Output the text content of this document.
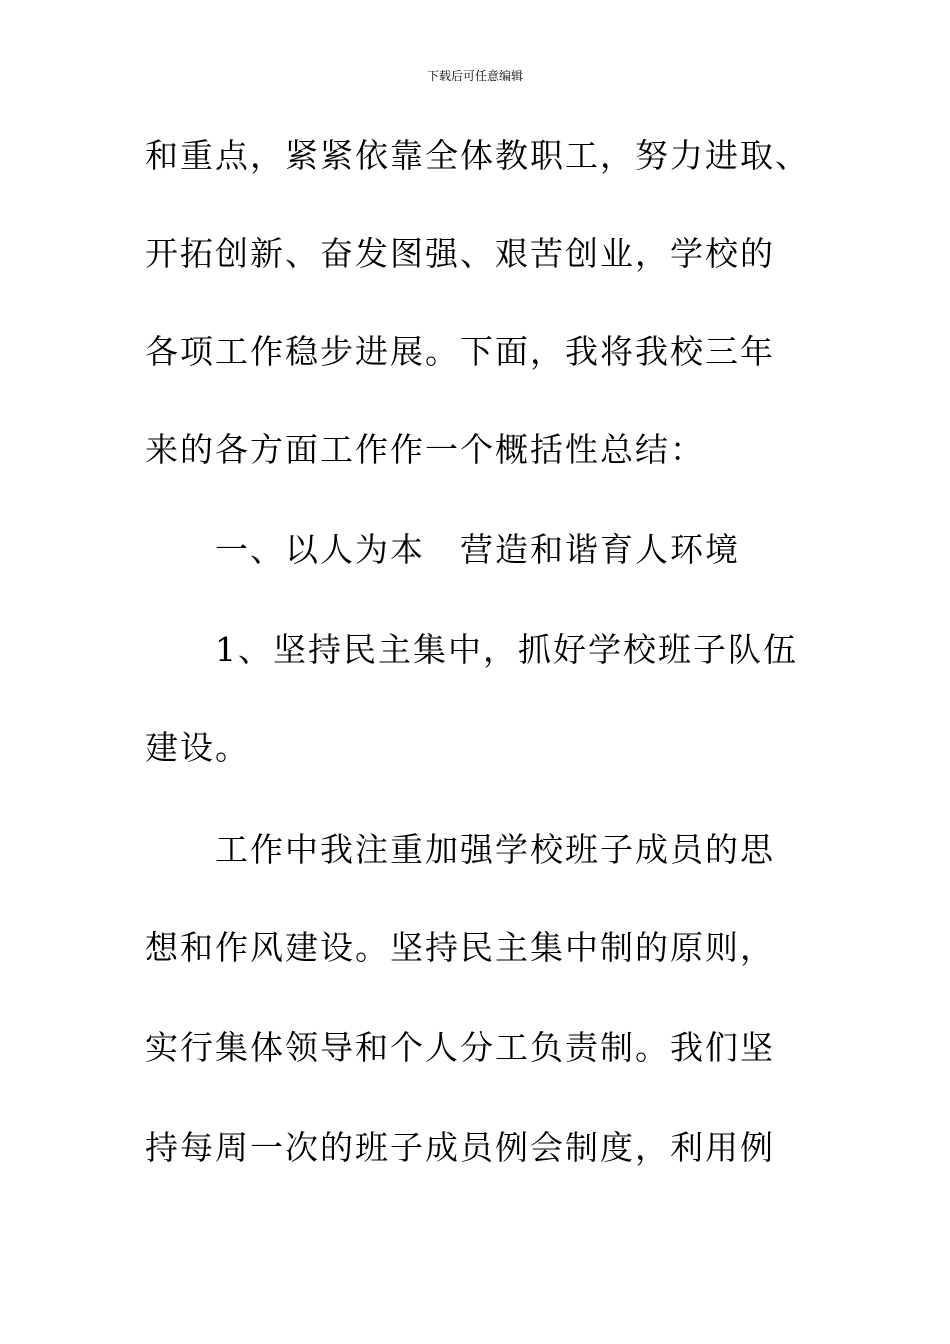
下载后可任意编辑
和重点，紧紧依靠全体教职工，努力进取、
开拓创新、奋发图强、艰苦创业，学校的
各项工作稳步进展。下面，我将我校三年
来的各方面工作作一个概括性总结：
一、以人为本　营造和谐育人环境
1、坚持民主集中，抓好学校班子队伍
建设。
工作中我注重加强学校班子成员的思
想和作风建设。坚持民主集中制的原则，
实行集体领导和个人分工负责制。我们坚
持每周一次的班子成员例会制度，利用例
